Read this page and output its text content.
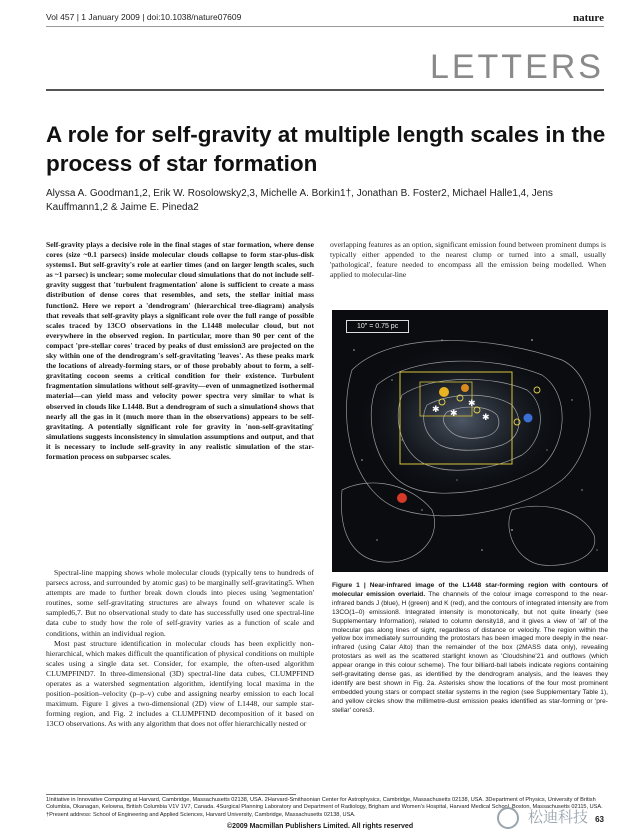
Vol 457 | 1 January 2009 | doi:10.1038/nature07609	nature
LETTERS
A role for self-gravity at multiple length scales in the process of star formation
Alyssa A. Goodman1,2, Erik W. Rosolowsky2,3, Michelle A. Borkin1†, Jonathan B. Foster2, Michael Halle1,4, Jens Kauffmann1,2 & Jaime E. Pineda2

Self-gravity plays a decisive role in the final stages of star formation, where dense cores (size ~0.1 parsecs) inside molecular clouds collapse to form star-plus-disk systems1. But self-gravity's role at earlier times (and on larger length scales, such as ~1 parsec) is unclear; some molecular cloud simulations that do not include self-gravity suggest that 'turbulent fragmentation' alone is sufficient to create a mass distribution of dense cores that resembles, and sets, the stellar initial mass function2. Here we report a 'dendrogram' (hierarchical tree-diagram) analysis that reveals that self-gravity plays a significant role over the full range of possible scales traced by 13CO observations in the L1448 molecular cloud, but not everywhere in the observed region. In particular, more than 90 per cent of the compact 'pre-stellar cores' traced by peaks of dust emission3 are projected on the sky within one of the dendrogram's self-gravitating 'leaves'. As these peaks mark the locations of already-forming stars, or of those probably about to form, a self-gravitating cocoon seems a critical condition for their existence. Turbulent fragmentation simulations without self-gravity—even of unmagnetized isothermal material—can yield mass and velocity power spectra very similar to what is observed in clouds like L1448. But a dendrogram of such a simulation4 shows that nearly all the gas in it (much more than in the observations) appears to be self-gravitating. A potentially significant role for gravity in 'non-self-gravitating' simulations suggests inconsistency in simulation assumptions and output, and that it is necessary to include self-gravity in any realistic simulation of the star-formation process on subparsec scales.

Spectral-line mapping shows whole molecular clouds (typically tens to hundreds of parsecs across, and surrounded by atomic gas) to be marginally self-gravitating5. When attempts are made to further break down clouds into pieces using 'segmentation' routines, some self-gravitating structures are always found on whatever scale is sampled6,7. But no observational study to date has successfully used one spectral-line data cube to study how the role of self-gravity varies as a function of scale and conditions, within an individual region.

Most past structure identification in molecular clouds has been explicitly non-hierarchical, which makes difficult the quantification of physical conditions on multiple scales using a single data set. Consider, for example, the often-used algorithm CLUMPFIND7. In three-dimensional (3D) spectral-line data cubes, CLUMPFIND operates as a watershed segmentation algorithm, identifying local maxima in the position–position–velocity (p–p–v) cube and assigning nearby emission to each local maximum. Figure 1 gives a two-dimensional (2D) view of L1448, our sample star-forming region, and Fig. 2 includes a CLUMPFIND decomposition of it based on 13CO observations. As with any algorithm that does not offer hierarchically nested or

overlapping features as an option, significant emission found between prominent dumps is typically either appended to the nearest clump or turned into a small, usually 'pathological', feature needed to encompass all the emission being modelled. When applied to molecular-line

✱ ✱
✱
✱
10″ = 0.75 pc
Figure 1 | Near-infrared image of the L1448 star-forming region with contours of molecular emission overlaid. The channels of the colour image correspond to the near-infrared bands J (blue), H (green) and K (red), and the contours of integrated intensity are from 13CO(1–0) emission8. Integrated intensity is monotonically, but not quite linearly (see Supplementary Information), related to column density18, and it gives a view of 'all' of the molecular gas along lines of sight, regardless of distance or velocity. The region within the yellow box immediately surrounding the protostars has been imaged more deeply in the near-infrared (using Calar Alto) than the remainder of the box (2MASS data only), revealing protostars as well as the scattered starlight known as 'Cloudshine'21 and outflows (which appear orange in this colour scheme). The four billiard-ball labels indicate regions containing self-gravitating dense gas, as identified by the dendrogram analysis, and the leaves they identify are best shown in Fig. 2a. Asterisks show the locations of the four most prominent embedded young stars or compact stellar systems in the region (see Supplementary Table 1), and yellow circles show the millimetre-dust emission peaks identified as star-forming or 'pre-stellar' cores3.
1Initiative in Innovative Computing at Harvard, Cambridge, Massachusetts 02138, USA. 2Harvard-Smithsonian Center for Astrophysics, Cambridge, Massachusetts 02138, USA. 3Department of Physics, University of British Columbia, Okanagan, Kelowna, British Columbia V1V 1V7, Canada. 4Surgical Planning Laboratory and Department of Radiology, Brigham and Women's Hospital, Harvard Medical School, Boston, Massachusetts 02115, USA. †Present address: School of Engineering and Applied Sciences, Harvard University, Cambridge, Massachusetts 02138, USA.
©2009 Macmillan Publishers Limited. All rights reserved
松迪科技 63
